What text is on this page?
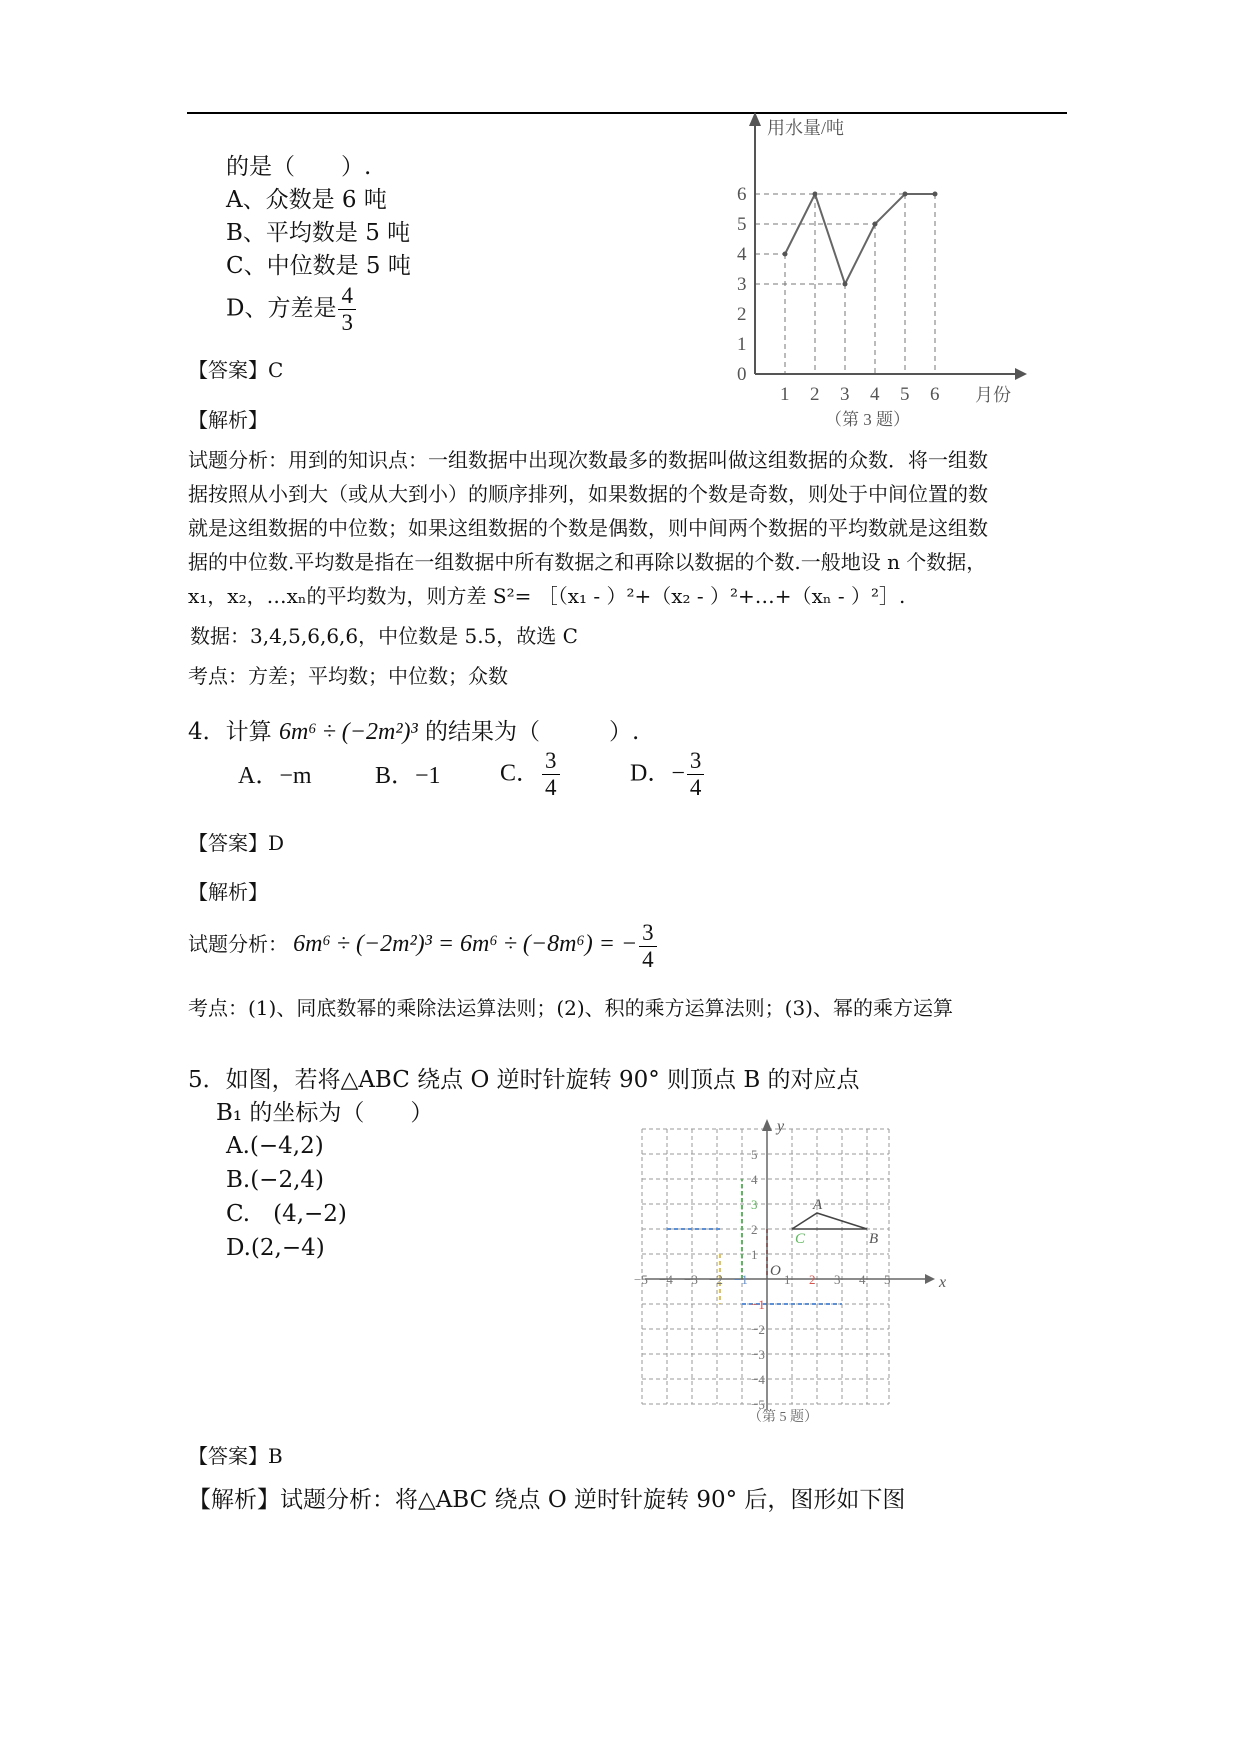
的是（　　）.
A、众数是 6 吨
B、平均数是 5 吨
C、中位数是 5 吨
D、方差是 $\frac{4}{3}$
【答案】C
【解析】
试题分析：用到的知识点：一组数据中出现次数最多的数据叫做这组数据的众数．将一组数
据按照从小到大（或从大到小）的顺序排列，如果数据的个数是奇数，则处于中间位置的数
就是这组数据的中位数；如果这组数据的个数是偶数，则中间两个数据的平均数就是这组数
据的中位数.平均数是指在一组数据中所有数据之和再除以数据的个数.一般地设 n 个数据，
x₁，x₂，…xₙ的平均数为，则方差 S²= ［（x₁ - ）²+（x₂ - ）²+…+（xₙ - ）²］.
数据：3,4,5,6,6,6，中位数是 5.5，故选 C
考点：方差；平均数；中位数；众数
用水量/吨
月份
（第 3 题）
0
1
2
3
4
5
6
1 2 3 4 5 6
4．计算 6m⁶ ÷ (−2m²)³ 的结果为（　　　）.
A．−m	B．−1 C． $\frac{3}{4}$	D．− $\frac{3}{4}$
【答案】D
【解析】
试题分析： 6m⁶ ÷ (−2m²)³ = 6m⁶ ÷ (−8m⁶) = − $\frac{3}{4}$
考点：(1)、同底数幂的乘除法运算法则；(2)、积的乘方运算法则；(3)、幂的乘方运算
5．如图，若将△ABC 绕点 O 逆时针旋转 90° 则顶点 B 的对应点
B₁ 的坐标为（　　）
A.(−4,2)
B.(−2,4)
C.　(4,−2)
D.(2,−4)
x
y
O
A
B
C
−5 −4 −3 −2 −1	1 2 3 4 5
5
4
3
2
1
−1
−2
−3
−4
−5
（第 5 题）
【答案】B
【解析】试题分析：将△ABC 绕点 O 逆时针旋转 90° 后，图形如下图
